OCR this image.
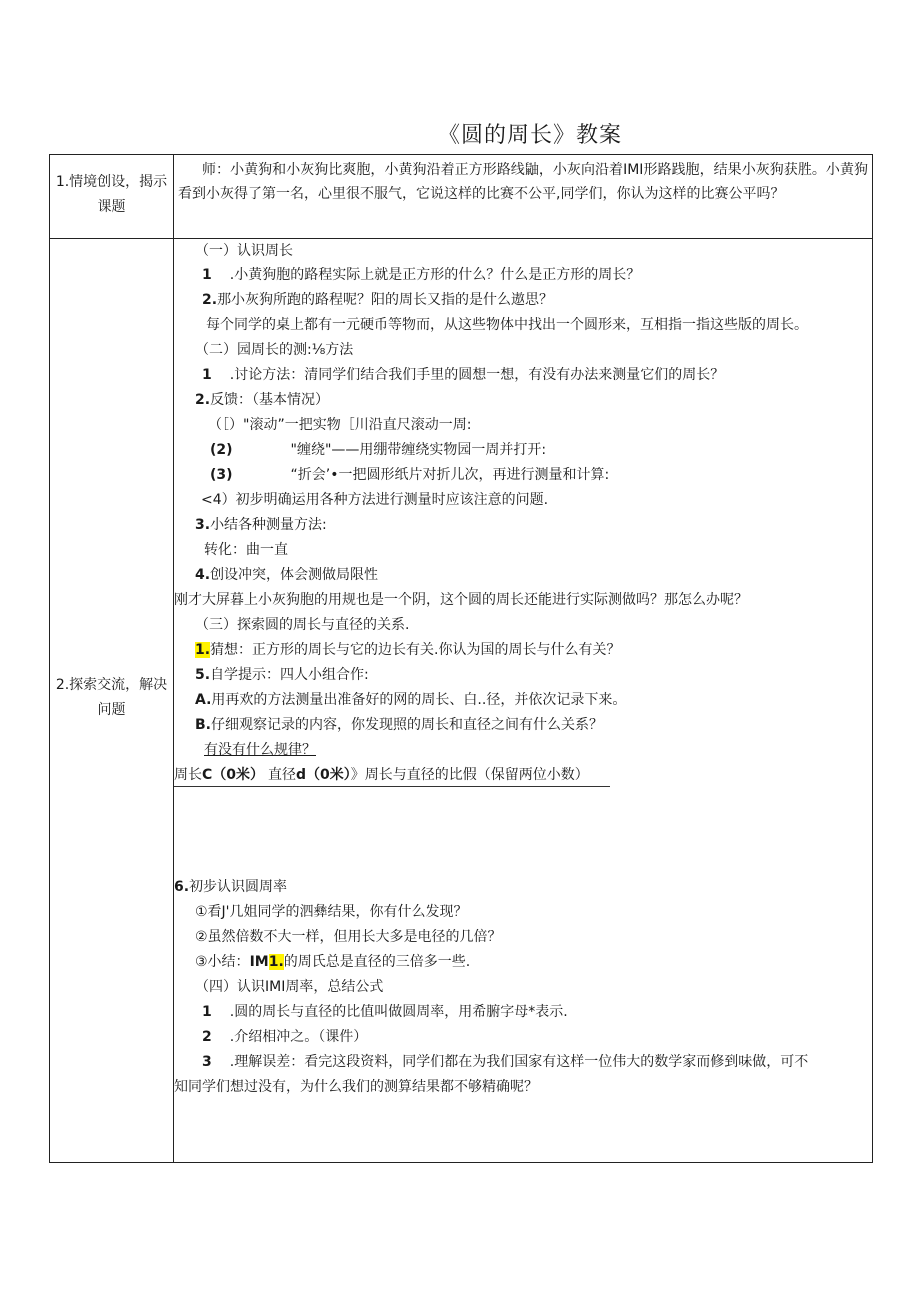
《圆的周长》教案
1.情境创设，揭示课题
师：小黄狗和小灰狗比爽胞，小黄狗沿着正方形路线鼬，小灰向沿着IMI形路践胞，结果小灰狗获胜。小黄狗看到小灰得了第一名，心里很不服气，它说这样的比赛不公平,同学们，你认为这样的比赛公平吗？
2.探索交流，解决问题
（一）认识周长
1 .小黄狗胞的路程实际上就是正方形的什么？什么是正方形的周长？
2.那小灰狗所跑的路程呢？阳的周长又指的是什么遨思？
每个同学的桌上都有一元硬币等物而，从这些物体中找出一个圆形来，互相指一指这些版的周长。
（二）园周长的测:⅛方法
1 .讨论方法：清同学们结合我们手里的圆想一想，有没有办法来测量它们的周长？
2.反馈：（基本情况）
（［）"滚动”一把实物［川沿直尺滚动一周:
(2)	"缠绕"——用绷带缠绕实物园一周并打开:
(3)	“折会’•一把圆形纸片对折儿次，再进行测量和计算:
<4）初步明确运用各种方法进行测量时应该注意的问题.
3.小结各种测量方法:
转化：曲一直
4.创设冲突，体会测做局限性
刚才大屏暮上小灰狗胞的用规也是一个阴，这个圆的周长还能进行实际测做吗？那怎么办呢？
（三）探索圆的周长与直径的关系.
1.猜想：正方形的周长与它的边长有关.你认为国的周长与什么有关？
5.自学提示：四人小组合作:
A.用再欢的方法测量出准备好的网的周长、白..径，并依次记录下来。
B.仔细观察记录的内容，你发现照的周长和直径之间有什么关系？
有没有什么规律？
周长C（0米） 直径d（0米）》周长与直径的比假（保留两位小数）
6.初步认识圆周率
①看J'几姐同学的泗彝结果，你有什么发现？
②虽然倍数不大一样，但用长大多是电径的几倍？
③小结：IM1.的周氏总是直径的三倍多一些.
（四）认识IMI周率，总结公式
1 .圆的周长与直径的比值叫做圆周率，用希腑字母*表示.
2 .介绍相冲之。（课件）
3 .理解误差：看完这段资料，同学们都在为我们国家有这样一位伟大的数学家而修到味做，可不
知同学们想过没有，为什么我们的测算结果都不够精确呢？
